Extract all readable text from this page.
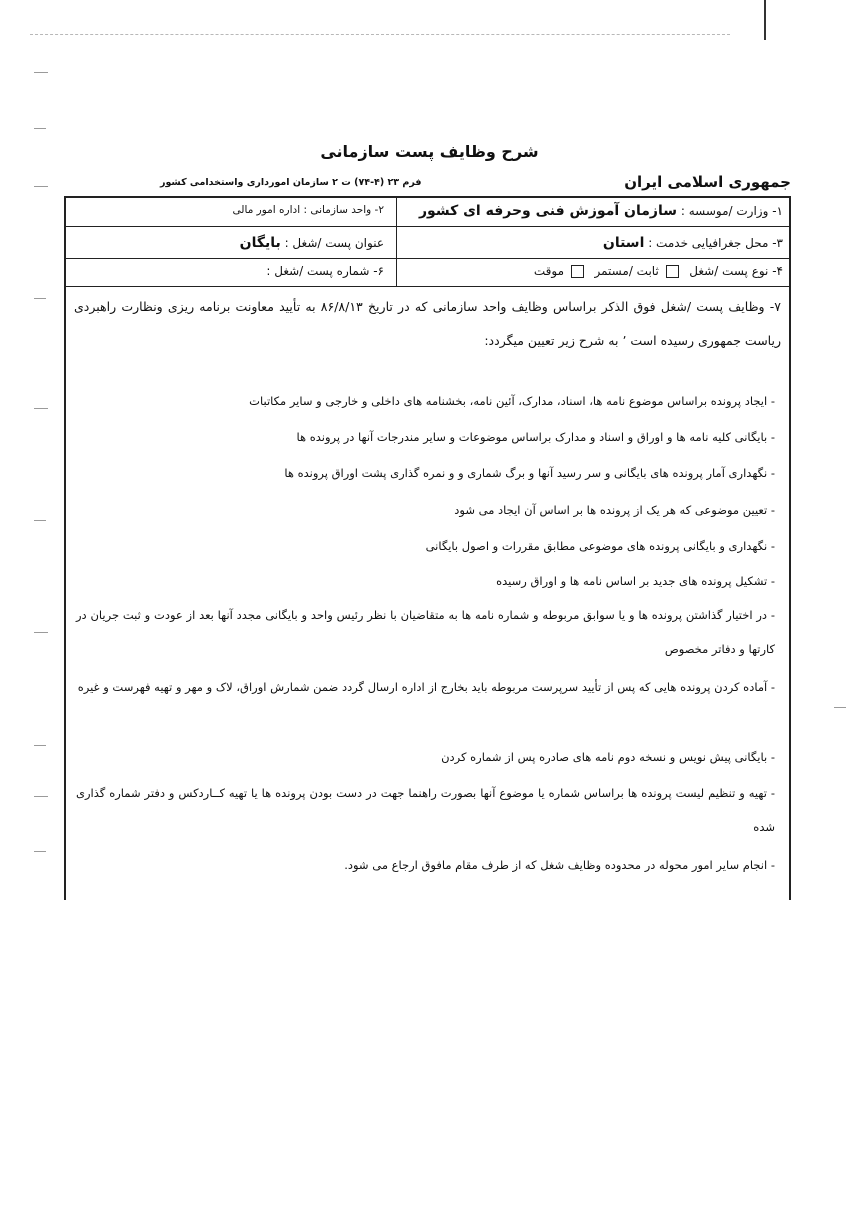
شرح وظایف پست سازمانی
جمهوری اسلامی ایران
فرم ۲۳ (۴-۷۴) ت ۲ سازمان امورداری واستخدامی کشور
۱- وزارت /موسسه : سازمان آموزش فنی وحرفه ای کشور
۲- واحد سازمانی : اداره امور مالی
۳- محل جغرافیایی خدمت : استان
عنوان پست /شغل : بایگان
۴- نوع پست /شغل   ثابت /مستمر   موقت
۶- شماره پست /شغل :
۷- وظایف پست /شغل فوق الذکر براساس وظایف واحد سازمانی که در تاریخ ۸۶/۸/۱۳ به تأیید معاونت برنامه ریزی ونظارت راهبردی ریاست جمهوری رسیده است ٬ به شرح زیر تعیین میگردد:
- ایجاد پرونده براساس موضوع نامه ها، اسناد، مدارک، آئین نامه، بخشنامه های داخلی و خارجی و سایر مکاتبات
- بایگانی کلیه نامه ها و اوراق و اسناد و مدارک براساس موضوعات و سایر مندرجات آنها در پرونده ها
- نگهداری آمار پرونده های بایگانی و سر رسید آنها و برگ شماری و و نمره گذاری پشت اوراق پرونده ها
- تعیین موضوعی که هر یک از پرونده ها بر اساس آن ایجاد می شود
- نگهداری و بایگانی پرونده های موضوعی مطابق مقررات و اصول بایگانی
- تشکیل پرونده های جدید بر اساس نامه ها و اوراق رسیده
- در اختیار گذاشتن پرونده ها و یا سوابق مربوطه و شماره نامه ها به متقاضیان با نظر رئیس واحد و بایگانی مجدد آنها بعد از عودت و ثبت جریان در کارتها و دفاتر مخصوص
- آماده کردن پرونده هایی که پس از تأیید سرپرست مربوطه باید بخارج از اداره ارسال گردد ضمن شمارش اوراق، لاک و مهر و تهیه فهرست و غیره
- بایگانی پیش نویس و نسخه دوم نامه های صادره پس از شماره کردن
- تهیه و تنظیم لیست پرونده ها براساس شماره یا موضوع آنها بصورت راهنما جهت در دست بودن پرونده ها یا تهیه کــاردکس و دفتر شماره گذاری شده
- انجام سایر امور محوله در محدوده وظایف شغل که از طرف مقام مافوق ارجاع می شود.
